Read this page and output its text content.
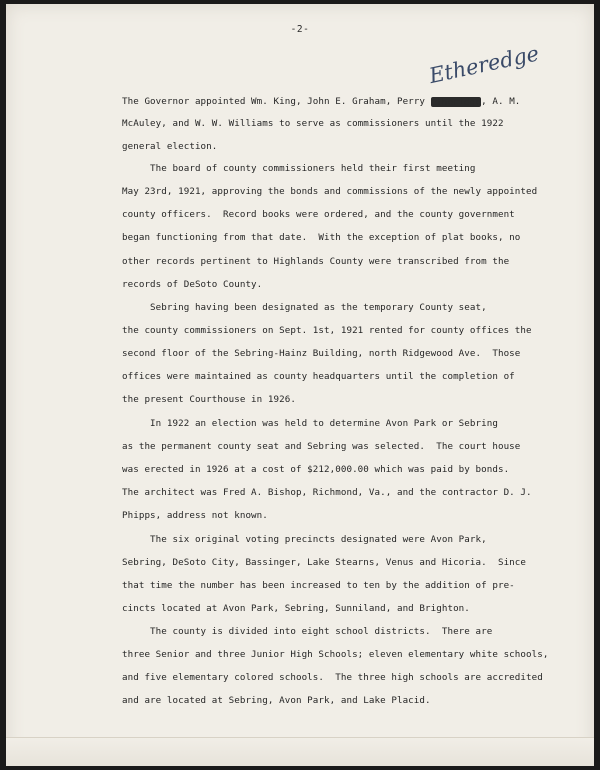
-2-
Etheredge
The Governor appointed Wm. King, John E. Graham, Perry Etheridge, A. M.
McAuley, and W. W. Williams to serve as commissioners until the 1922
general election.
The board of county commissioners held their first meeting
May 23rd, 1921, approving the bonds and commissions of the newly appointed
county officers.  Record books were ordered, and the county government
began functioning from that date.  With the exception of plat books, no
other records pertinent to Highlands County were transcribed from the
records of DeSoto County.
Sebring having been designated as the temporary County seat,
the county commissioners on Sept. 1st, 1921 rented for county offices the
second floor of the Sebring-Hainz Building, north Ridgewood Ave.  Those
offices were maintained as county headquarters until the completion of
the present Courthouse in 1926.
In 1922 an election was held to determine Avon Park or Sebring
as the permanent county seat and Sebring was selected.  The court house
was erected in 1926 at a cost of $212,000.00 which was paid by bonds.
The architect was Fred A. Bishop, Richmond, Va., and the contractor D. J.
Phipps, address not known.
The six original voting precincts designated were Avon Park,
Sebring, DeSoto City, Bassinger, Lake Stearns, Venus and Hicoria.  Since
that time the number has been increased to ten by the addition of pre-
cincts located at Avon Park, Sebring, Sunniland, and Brighton.
The county is divided into eight school districts.  There are
three Senior and three Junior High Schools; eleven elementary white schools,
and five elementary colored schools.  The three high schools are accredited
and are located at Sebring, Avon Park, and Lake Placid.
